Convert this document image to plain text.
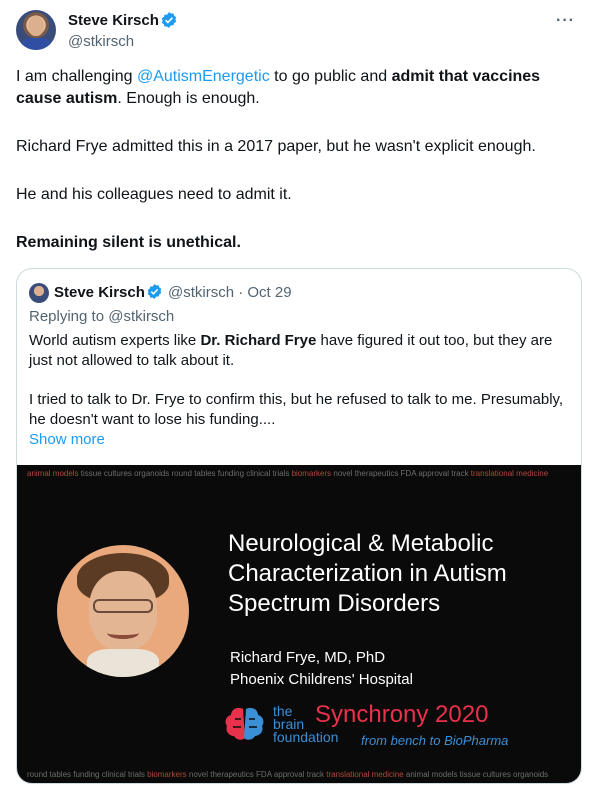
Steve Kirsch
@stkirsch
···
I am challenging @AutismEnergetic to go public and admit that vaccines cause autism. Enough is enough.
Richard Frye admitted this in a 2017 paper, but he wasn't explicit enough.
He and his colleagues need to admit it.
Remaining silent is unethical.
Steve Kirsch @stkirsch · Oct 29
Replying to @stkirsch
World autism experts like Dr. Richard Frye have figured it out too, but they are just not allowed to talk about it.
I tried to talk to Dr. Frye to confirm this, but he refused to talk to me. Presumably, he doesn't want to lose his funding....
Show more
animal models tissue cultures organoids round tables funding clinical trials biomarkers novel therapeutics FDA approval track translational medicine
Neurological & Metabolic
Characterization in Autism
Spectrum Disorders
Richard Frye, MD, PhD
Phoenix Childrens' Hospital
the
brain
foundation
Synchrony 2020
from bench to BioPharma
round tables funding clinical trials biomarkers novel therapeutics FDA approval track translational medicine animal models tissue cultures organoids
